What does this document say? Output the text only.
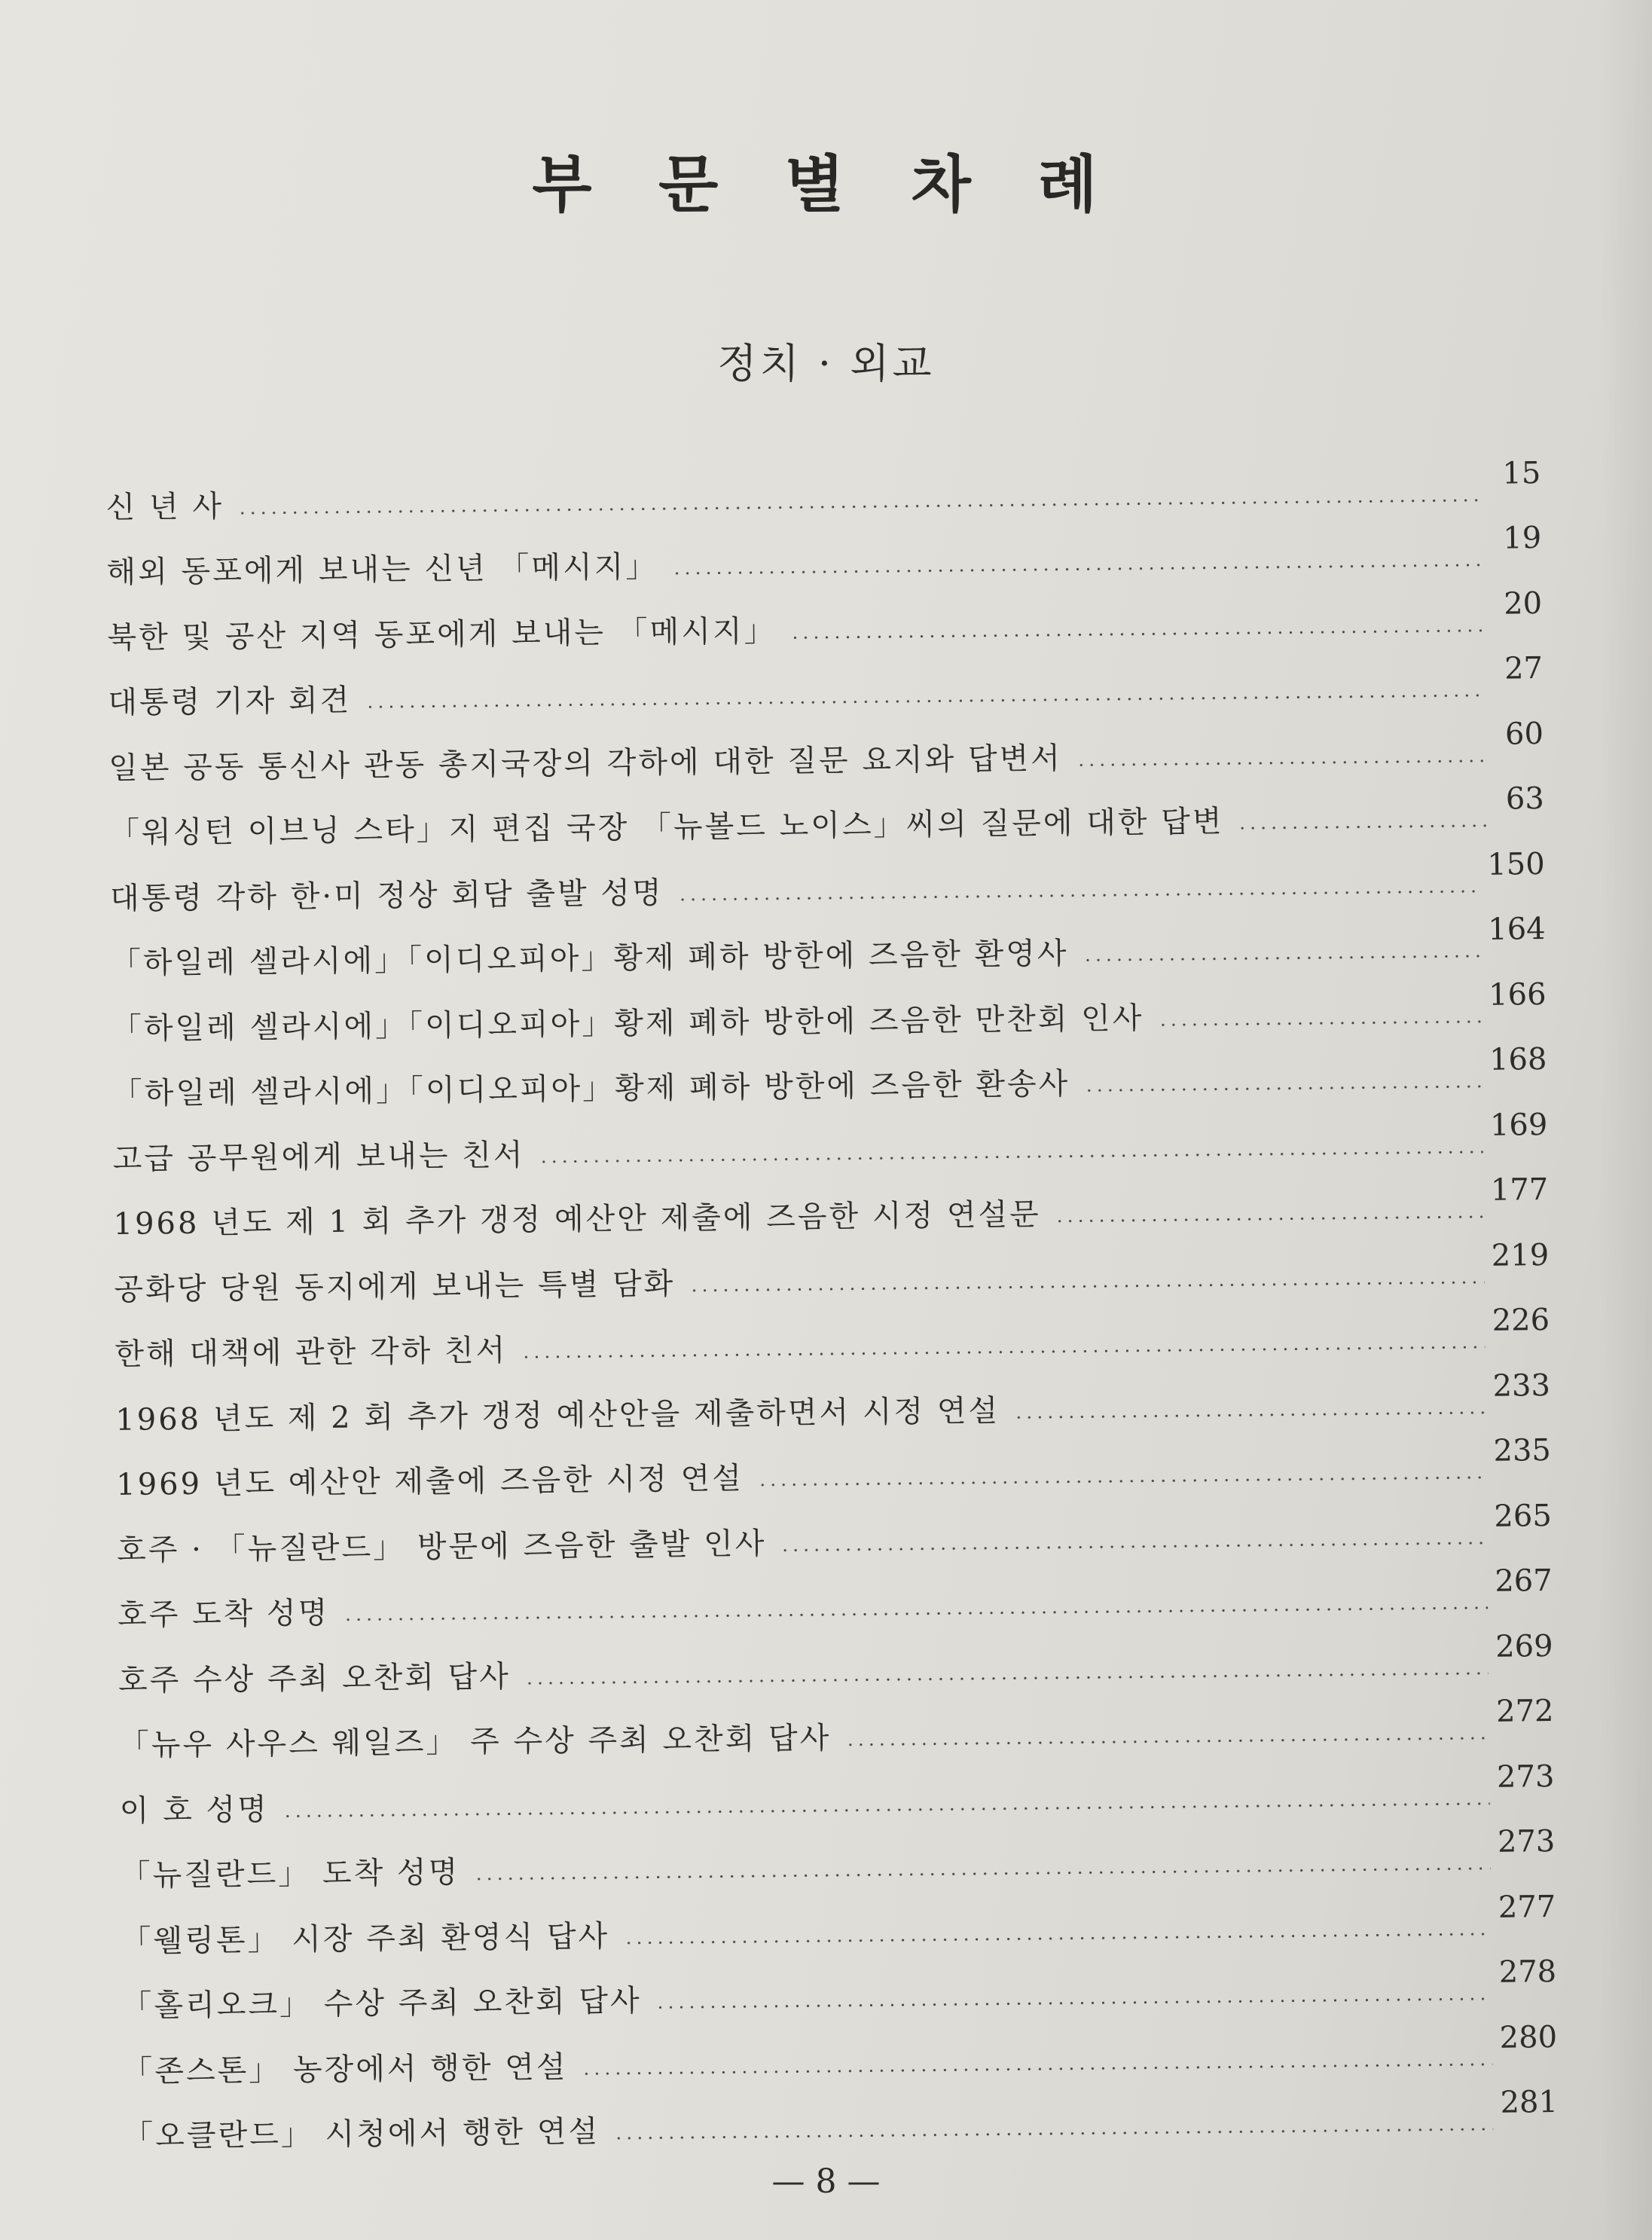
부 문 별 차 례
정치 · 외교
신 년 사
15
해외 동포에게 보내는 신년 「메시지」
19
북한 및 공산 지역 동포에게 보내는 「메시지」
20
대통령 기자 회견
27
일본 공동 통신사 관동 총지국장의 각하에 대한 질문 요지와 답변서
60
「워싱턴 이브닝 스타」지 편집 국장 「뉴볼드 노이스」씨의 질문에 대한 답변
63
대통령 각하 한·미 정상 회담 출발 성명
150
「하일레 셀라시에」「이디오피아」황제 폐하 방한에 즈음한 환영사
164
「하일레 셀라시에」「이디오피아」황제 폐하 방한에 즈음한 만찬회 인사
166
「하일레 셀라시에」「이디오피아」황제 폐하 방한에 즈음한 환송사
168
고급 공무원에게 보내는 친서
169
1968 년도 제 1 회 추가 갱정 예산안 제출에 즈음한 시정 연설문
177
공화당 당원 동지에게 보내는 특별 담화
219
한해 대책에 관한 각하 친서
226
1968 년도 제 2 회 추가 갱정 예산안을 제출하면서 시정 연설
233
1969 년도 예산안 제출에 즈음한 시정 연설
235
호주 · 「뉴질란드」 방문에 즈음한 출발 인사
265
호주 도착 성명
267
호주 수상 주최 오찬회 답사
269
「뉴우 사우스 웨일즈」 주 수상 주최 오찬회 답사
272
이 호 성명
273
「뉴질란드」 도착 성명
273
「웰링톤」 시장 주최 환영식 답사
277
「홀리오크」 수상 주최 오찬회 답사
278
「존스톤」 농장에서 행한 연설
280
「오클란드」 시청에서 행한 연설
281
— 8 —
